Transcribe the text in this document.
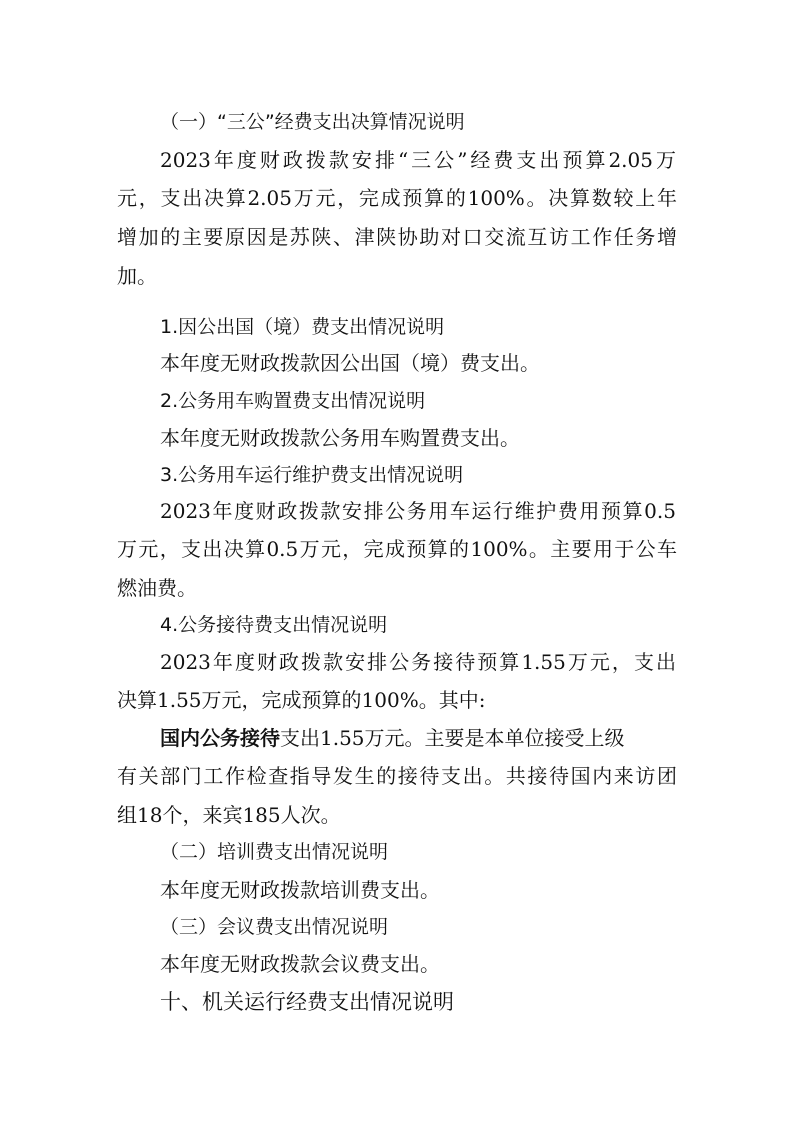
（一）“三公”经费支出决算情况说明
2023年度财政拨款安排“三公”经费支出预算2.05万
元，支出决算2.05万元，完成预算的100%。决算数较上年
增加的主要原因是苏陕、津陕协助对口交流互访工作任务增
加。
1.因公出国（境）费支出情况说明
本年度无财政拨款因公出国（境）费支出。
2.公务用车购置费支出情况说明
本年度无财政拨款公务用车购置费支出。
3.公务用车运行维护费支出情况说明
2023年度财政拨款安排公务用车运行维护费用预算0.5
万元，支出决算0.5万元，完成预算的100%。主要用于公车
燃油费。
4.公务接待费支出情况说明
2023年度财政拨款安排公务接待预算1.55万元，支出
决算1.55万元，完成预算的100%。其中:
国内公务接待支出1.55万元。主要是本单位接受上级
有关部门工作检查指导发生的接待支出。共接待国内来访团
组18个，来宾185人次。
（二）培训费支出情况说明
本年度无财政拨款培训费支出。
（三）会议费支出情况说明
本年度无财政拨款会议费支出。
十、机关运行经费支出情况说明
